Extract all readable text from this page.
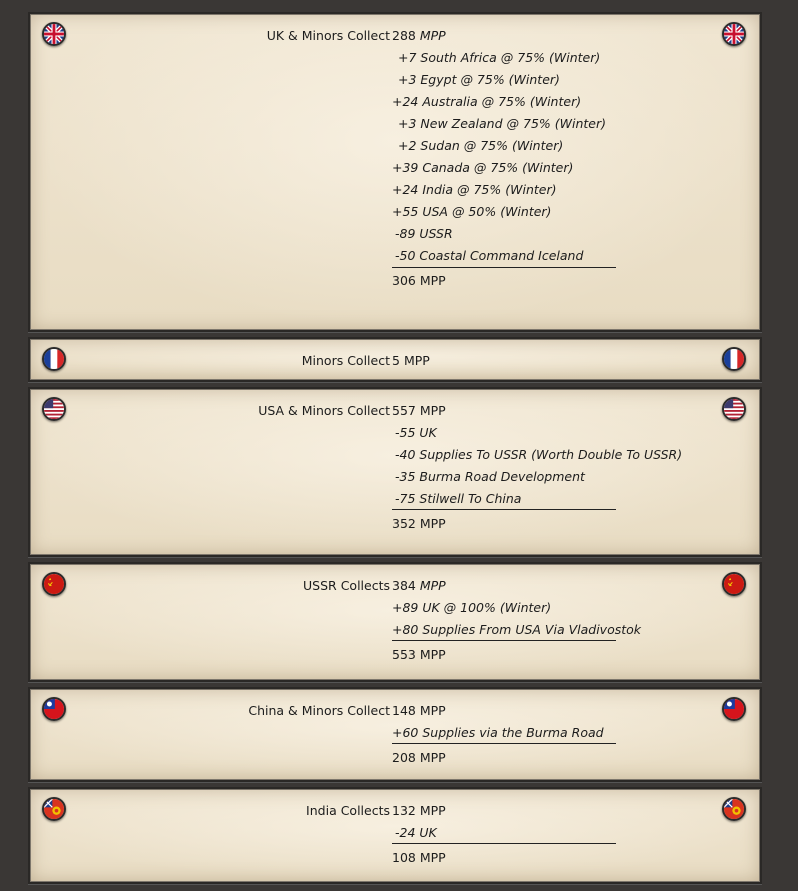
UK & Minors Collect 288 MPP
+7 South Africa @ 75% (Winter)
+3 Egypt @ 75% (Winter)
+24 Australia @ 75% (Winter)
+3 New Zealand @ 75% (Winter)
+2 Sudan @ 75% (Winter)
+39 Canada @ 75% (Winter)
+24 India @ 75% (Winter)
+55 USA @ 50% (Winter)
-89 USSR
-50 Coastal Command Iceland
306 MPP
Minors Collect 5 MPP
USA & Minors Collect 557 MPP
-55 UK
-40 Supplies To USSR (Worth Double To USSR)
-35 Burma Road Development
-75 Stilwell To China
352 MPP
USSR Collects 384 MPP
+89 UK @ 100% (Winter)
+80 Supplies From USA Via Vladivostok
553 MPP
China & Minors Collect 148 MPP
+60 Supplies via the Burma Road
208 MPP
India Collects 132 MPP
-24 UK
108 MPP
